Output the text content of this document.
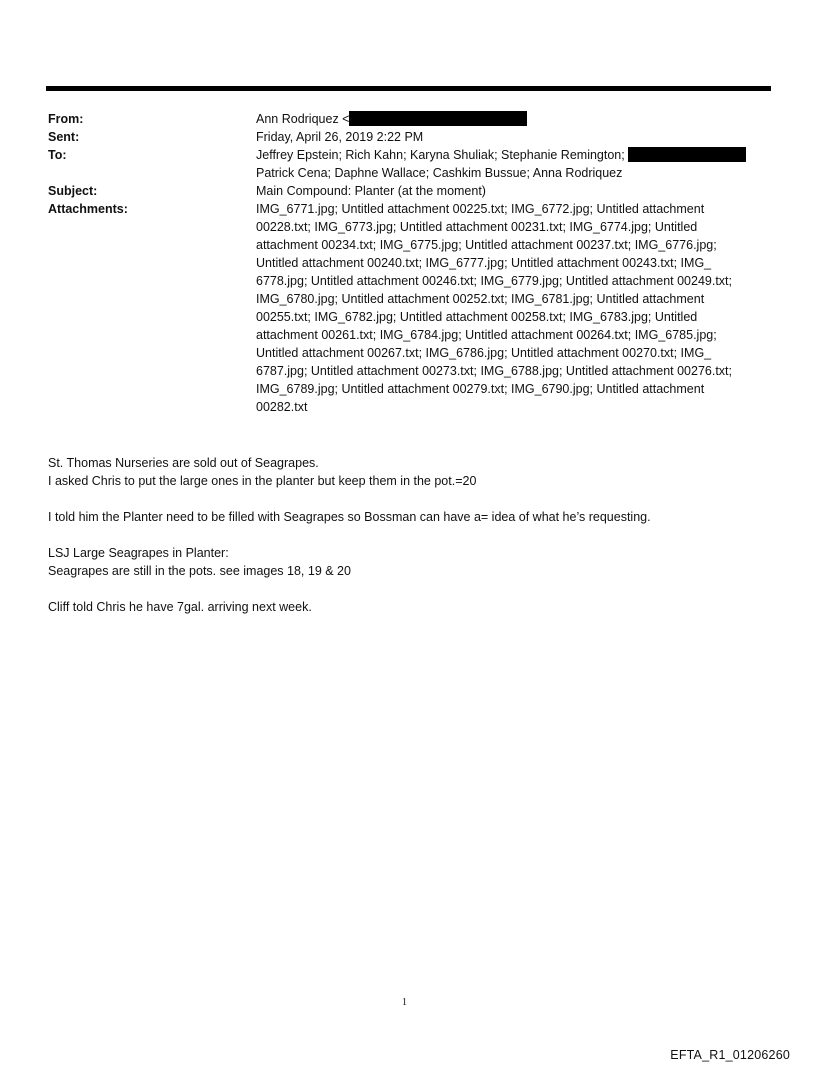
From:	Ann Rodriquez <
Sent:	Friday, April 26, 2019 2:22 PM
To:	Jeffrey Epstein; Rich Kahn; Karyna Shuliak; Stephanie Remington;
Patrick Cena; Daphne Wallace; Cashkim Bussue; Anna Rodriquez
Subject:	Main Compound: Planter (at the moment)
Attachments:	IMG_6771.jpg; Untitled attachment 00225.txt; IMG_6772.jpg; Untitled attachment
00228.txt; IMG_6773.jpg; Untitled attachment 00231.txt; IMG_6774.jpg; Untitled
attachment 00234.txt; IMG_6775.jpg; Untitled attachment 00237.txt; IMG_6776.jpg;
Untitled attachment 00240.txt; IMG_6777.jpg; Untitled attachment 00243.txt; IMG_
6778.jpg; Untitled attachment 00246.txt; IMG_6779.jpg; Untitled attachment 00249.txt;
IMG_6780.jpg; Untitled attachment 00252.txt; IMG_6781.jpg; Untitled attachment
00255.txt; IMG_6782.jpg; Untitled attachment 00258.txt; IMG_6783.jpg; Untitled
attachment 00261.txt; IMG_6784.jpg; Untitled attachment 00264.txt; IMG_6785.jpg;
Untitled attachment 00267.txt; IMG_6786.jpg; Untitled attachment 00270.txt; IMG_
6787.jpg; Untitled attachment 00273.txt; IMG_6788.jpg; Untitled attachment 00276.txt;
IMG_6789.jpg; Untitled attachment 00279.txt; IMG_6790.jpg; Untitled attachment
00282.txt

St. Thomas Nurseries are sold out of Seagrapes.

I asked Chris to put the large ones in the planter but keep them in the pot.=20

I told him the Planter need to be filled with Seagrapes so Bossman can have a= idea of what he’s requesting.

LSJ Large Seagrapes in Planter:

Seagrapes are still in the pots. see images 18, 19 & 20

Cliff told Chris he have 7gal. arriving next week.

1
EFTA_R1_01206260
